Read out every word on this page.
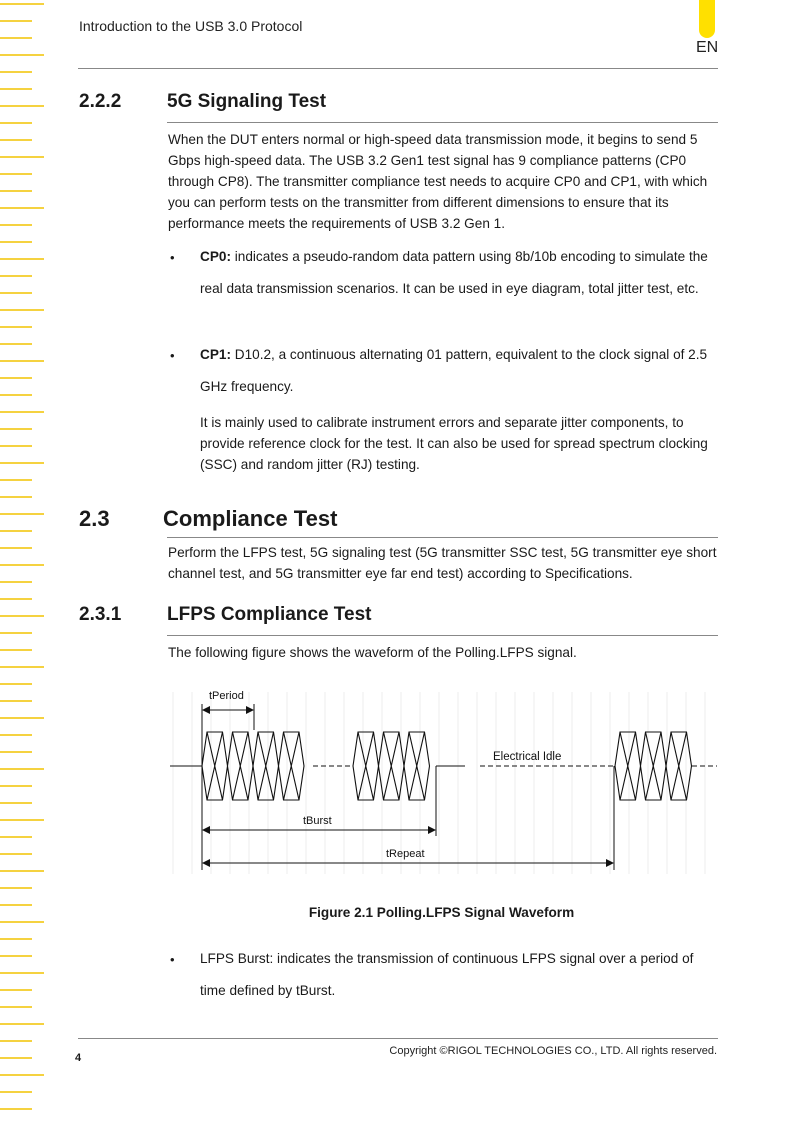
Introduction to the USB 3.0 Protocol
EN
2.2.2 5G Signaling Test
When the DUT enters normal or high-speed data transmission mode, it begins to send 5 Gbps high-speed data. The USB 3.2 Gen1 test signal has 9 compliance patterns (CP0 through CP8). The transmitter compliance test needs to acquire CP0 and CP1, with which you can perform tests on the transmitter from different dimensions to ensure that its performance meets the requirements of USB 3.2 Gen 1.
• CP0: indicates a pseudo-random data pattern using 8b/10b encoding to simulate the real data transmission scenarios. It can be used in eye diagram, total jitter test, etc.
• CP1: D10.2, a continuous alternating 01 pattern, equivalent to the clock signal of 2.5 GHz frequency.
It is mainly used to calibrate instrument errors and separate jitter components, to provide reference clock for the test. It can also be used for spread spectrum clocking (SSC) and random jitter (RJ) testing.
2.3 Compliance Test
Perform the LFPS test, 5G signaling test (5G transmitter SSC test, 5G transmitter eye short channel test, and 5G transmitter eye far end test) according to Specifications.
2.3.1 LFPS Compliance Test
The following figure shows the waveform of the Polling.LFPS signal.
tPeriod
Electrical Idle
tBurst
tRepeat
Figure 2.1 Polling.LFPS Signal Waveform
• LFPS Burst: indicates the transmission of continuous LFPS signal over a period of time defined by tBurst.
4
Copyright ©RIGOL TECHNOLOGIES CO., LTD. All rights reserved.
